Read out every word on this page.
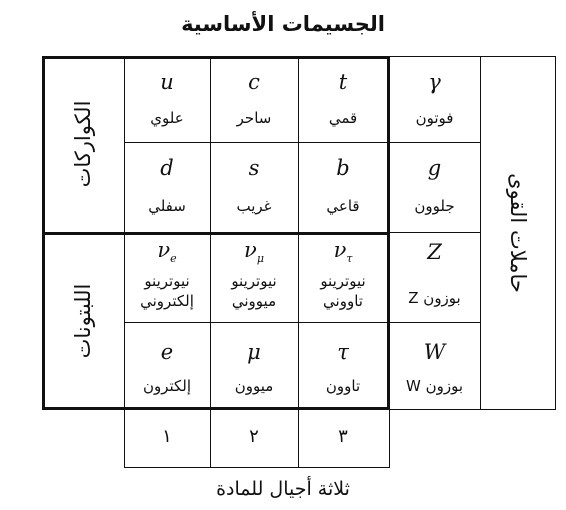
الجسيمات الأساسية
الكواركات
اللبتونات
حاملات القوى
u
علوي
c
ساحر
t
قمي
d
سفلي
s
غريب
b
قاعي
$\nu_e$
نيوترينو
إلكتروني
$\nu_\mu$
نيوترينو
ميووني
$\nu_\tau$
نيوترينو
تاووني
e
إلكترون
μ
ميوون
τ
تاوون
γ
فوتون
g
جلوون
Z
بوزون Z
W
بوزون W
١	٢	٣
ثلاثة أجيال للمادة
